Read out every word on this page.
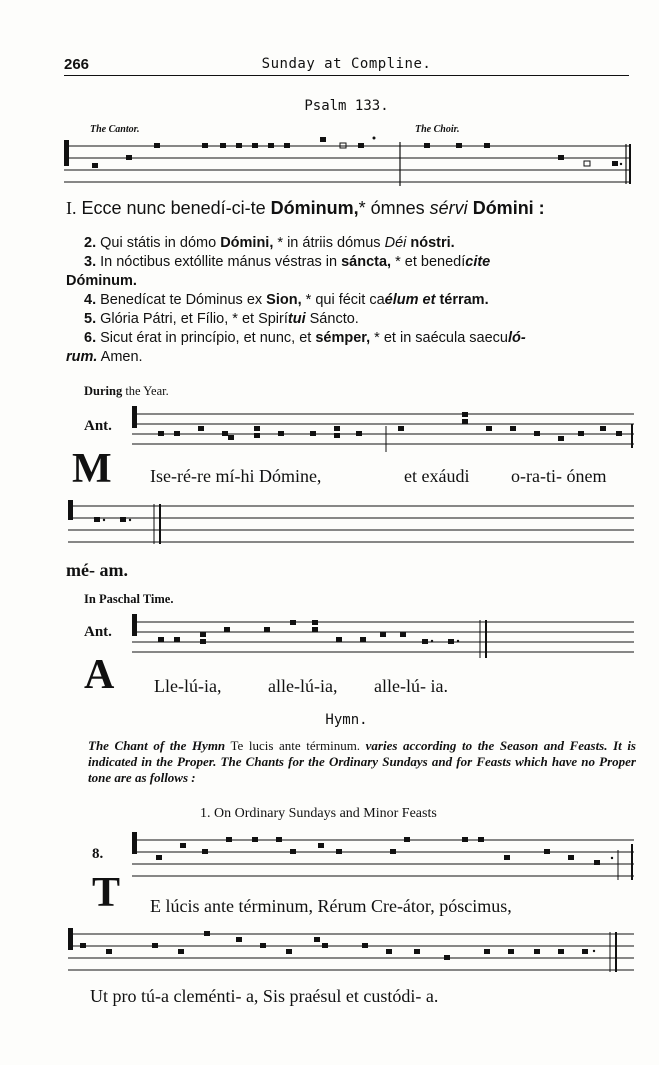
266	Sunday at Compline.
Psalm 133.
The Cantor.	The Choir.
I. Ecce nunc benedí-ci-te Dóminum,* ómnes sérvi Dómini :

2. Qui státis in dómo Dómini, * in átriis dómus Déi nóstri.

3. In nóctibus extóllite mánus véstras in sáncta, * et benedícite
Dóminum.

4. Benedícat te Dóminus ex Sion, * qui fécit caélum et térram.

5. Glória Pátri, et Fílio, * et Spirítui Sáncto.

6. Sicut érat in princípio, et nunc, et sémper, * et in saécula saeculó-
rum. Amen.

During the Year.
Ant.
M Ise-ré-re mí-hi Dómine,	et exáudi o-ra-ti- ónem
mé- am.
In Paschal Time.
Ant.
A Lle-lú-ia,	alle-lú-ia, alle-lú- ia.
Hymn.

The Chant of the Hymn Te lucis ante términum. varies according to the Season and Feasts. It is indicated in the Proper. The Chants for the Ordinary Sundays and for Feasts which have no Proper tone are as follows :

1. On Ordinary Sundays and Minor Feasts
8.
T E lúcis ante términum, Rérum Cre-átor, póscimus,
Ut pro tú-a cleménti- a, Sis praésul et custódi- a.
